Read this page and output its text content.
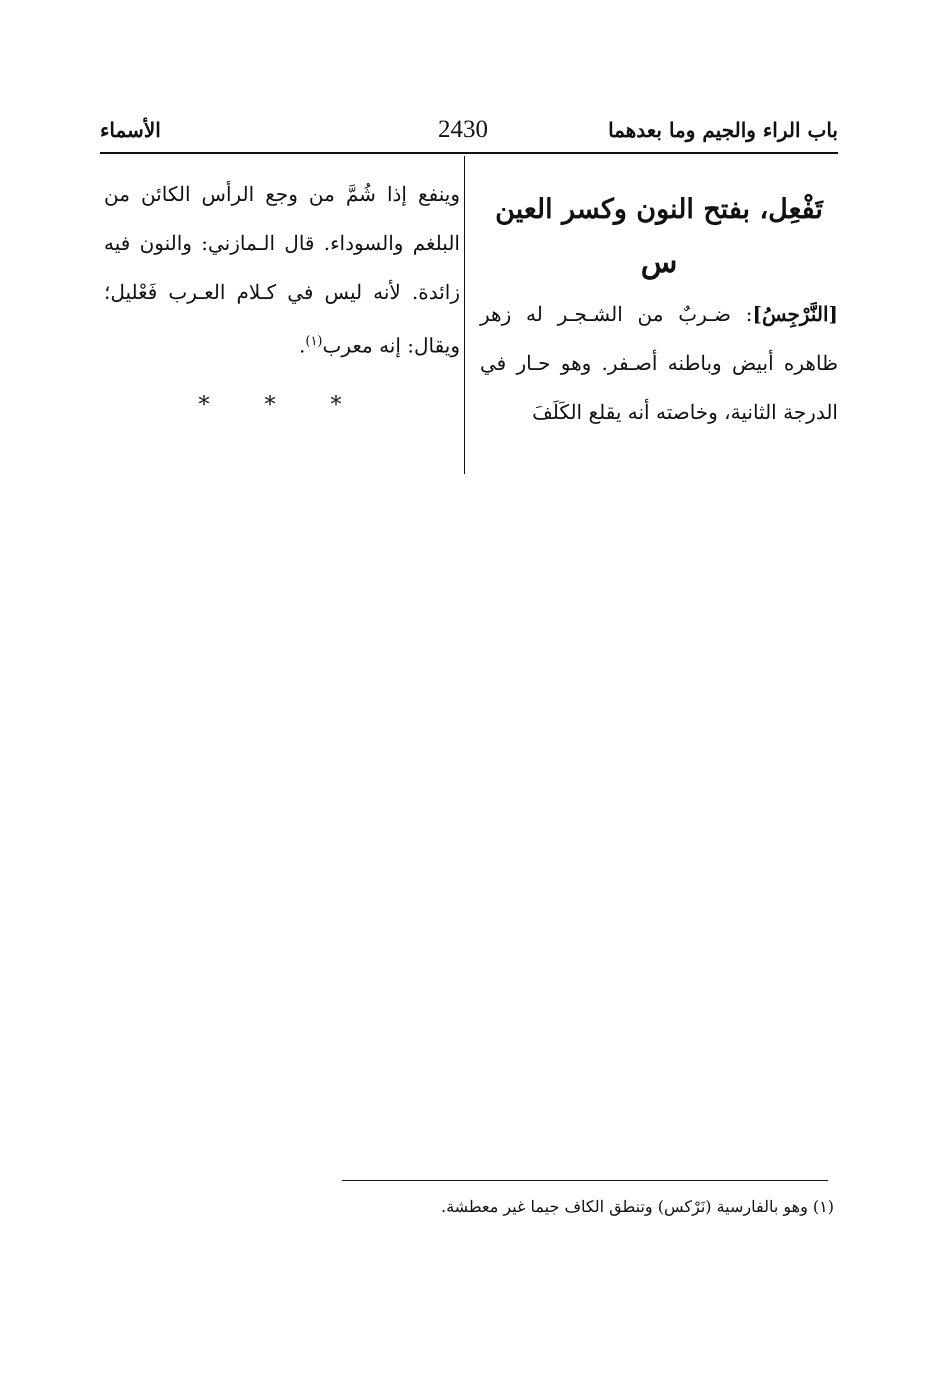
باب الراء والجيم وما بعدهما
2430
الأسماء
تَفْعِل، بفتح النون وكسر العين
س
[النَّرْجِسُ]: ضـربٌ من الشـجـر له زهر ظاهره أبيض وباطنه أصـفر. وهو حـار في الدرجة الثانية، وخاصته أنه يقلع الكَلَفَ
وينفع إذا شُمَّ من وجع الرأس الكائن من البلغم والسوداء. قال الـمازني: والنون فيه زائدة. لأنه ليس في كـلام العـرب فَعْليل؛ ويقال: إنه معرب$^{(١)}$.
* * *
(١) وهو بالفارسية (نَرْكس) وتنطق الكاف جيما غير معطشة.
